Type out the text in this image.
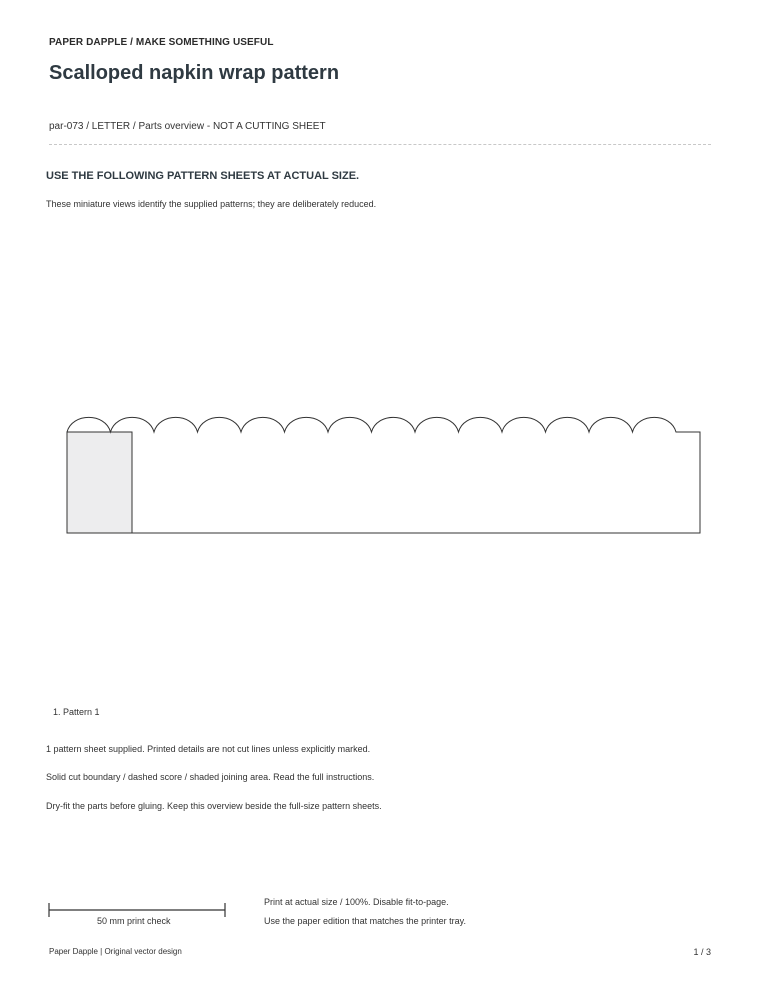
PAPER DAPPLE / MAKE SOMETHING USEFUL
Scalloped napkin wrap pattern
par-073 / LETTER / Parts overview - NOT A CUTTING SHEET
USE THE FOLLOWING PATTERN SHEETS AT ACTUAL SIZE.
These miniature views identify the supplied patterns; they are deliberately reduced.
1. Pattern 1
1 pattern sheet supplied. Printed details are not cut lines unless explicitly marked.
Solid cut boundary / dashed score / shaded joining area. Read the full instructions.
Dry-fit the parts before gluing. Keep this overview beside the full-size pattern sheets.
50 mm print check
Print at actual size / 100%. Disable fit-to-page.
Use the paper edition that matches the printer tray.
Paper Dapple | Original vector design	1 / 3
